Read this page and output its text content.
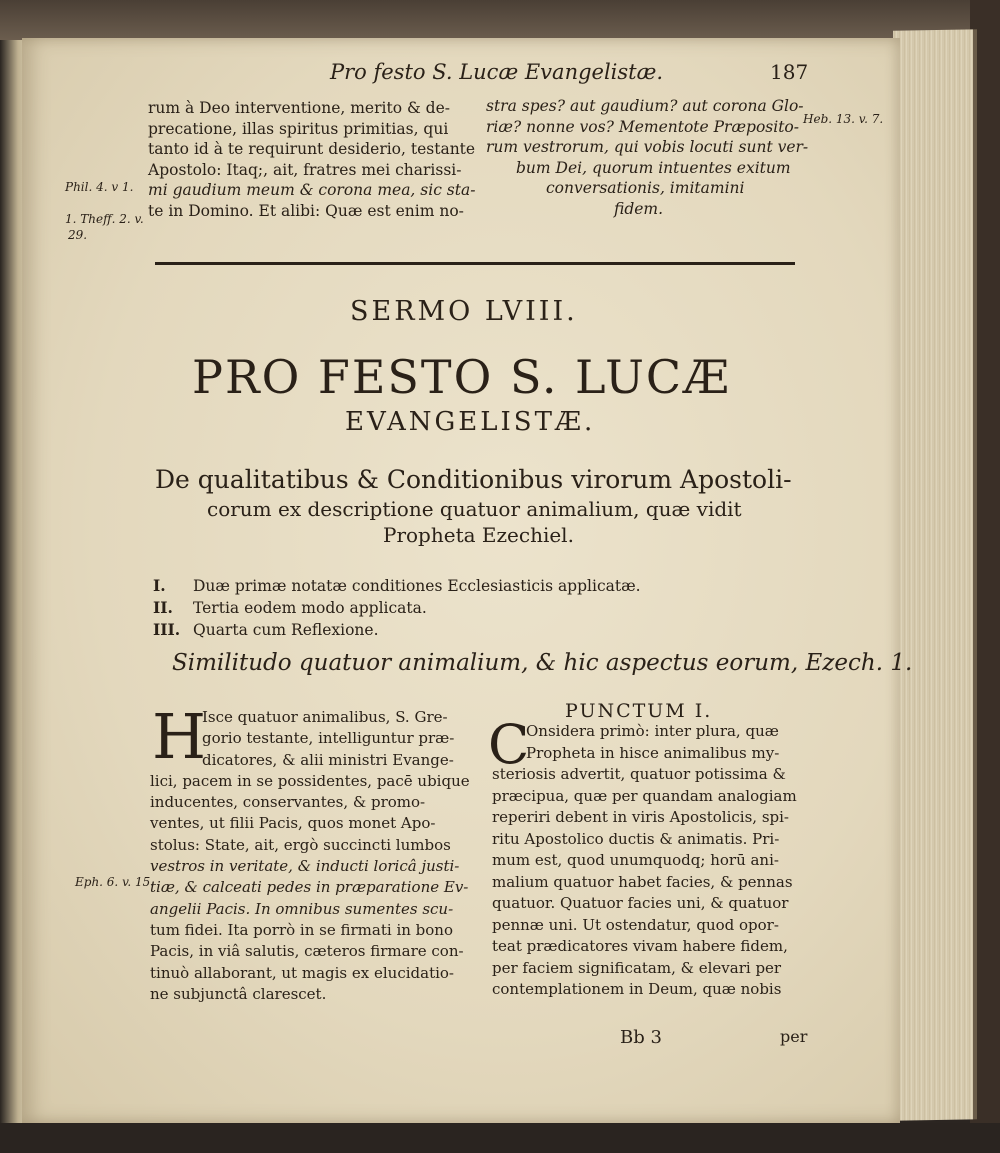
Pro festo S. Lucæ Evangelistæ.	187
rum à Deo interventione, merito & de-
precatione, illas spiritus primitias, qui
tanto id à te requirunt desiderio, testante
Apostolo: Itaq;, ait, fratres mei charissi-
mi gaudium meum & corona mea, sic sta-
te in Domino. Et alibi: Quæ est enim no-
stra spes? aut gaudium? aut corona Glo-
riæ? nonne vos? Mementote Præposito-
rum vestrorum, qui vobis locuti sunt ver-
bum Dei, quorum intuentes exitum
conversationis, imitamini
fidem.
Phil. 4. v 1.
1. Theff. 2. v.
29.
Heb. 13. v. 7.
Eph. 6. v. 15.
SERMO LVIII.
PRO FESTO S. LUCÆ
EVANGELISTÆ.
De qualitatibus & Conditionibus virorum Apostoli-
corum ex descriptione quatuor animalium, quæ vidit
Propheta Ezechiel.
I.	Duæ primæ notatæ conditiones Ecclesiasticis applicatæ.
II.	Tertia eodem modo applicata.
III. Quarta cum Reflexione.
Similitudo quatuor animalium, & hic aspectus eorum, Ezech. 1.
H
Isce quatuor animalibus, S. Gre-
gorio testante, intelliguntur præ-
dicatores, & alii ministri Evange-
lici, pacem in se possidentes, pacē ubique
inducentes, conservantes, & promo-
ventes, ut filii Pacis, quos monet Apo-
stolus: State, ait, ergò succincti lumbos
vestros in veritate, & inducti loricâ justi-
tiæ, & calceati pedes in præparatione Ev-
angelii Pacis. In omnibus sumentes scu-
tum fidei. Ita porrò in se firmati in bono
Pacis, in viâ salutis, cæteros firmare con-
tinuò allaborant, ut magis ex elucidatio-
ne subjunctâ clarescet.
PUNCTUM I.
C
Onsidera primò: inter plura, quæ
Propheta in hisce animalibus my-
steriosis advertit, quatuor potissima &
præcipua, quæ per quandam analogiam
reperiri debent in viris Apostolicis, spi-
ritu Apostolico ductis & animatis. Pri-
mum est, quod unumquodq; horū ani-
malium quatuor habet facies, & pennas
quatuor. Quatuor facies uni, & quatuor
pennæ uni. Ut ostendatur, quod opor-
teat prædicatores vivam habere fidem,
per faciem significatam, & elevari per
contemplationem in Deum, quæ nobis
Bb 3	per
